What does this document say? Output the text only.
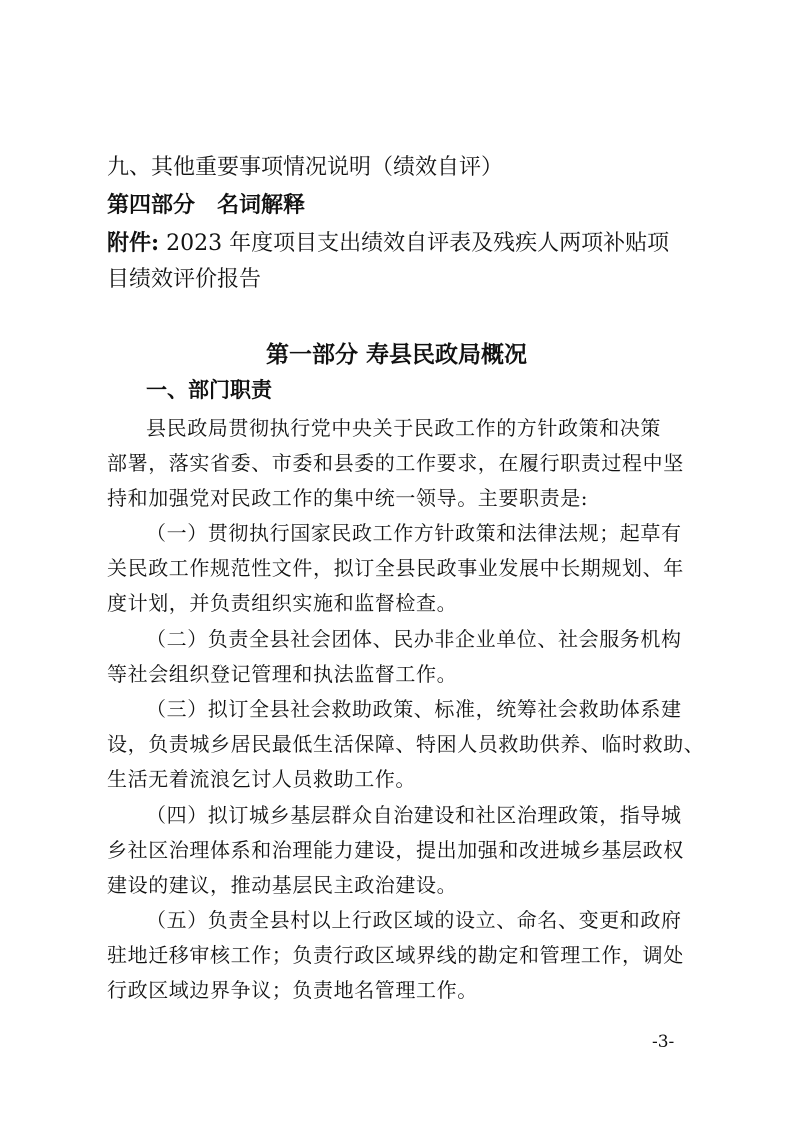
九、其他重要事项情况说明（绩效自评）
第四部分　名词解释
附件: 2023 年度项目支出绩效自评表及残疾人两项补贴项
目绩效评价报告
第一部分 寿县民政局概况
一、部门职责
县民政局贯彻执行党中央关于民政工作的方针政策和决策
部署，落实省委、市委和县委的工作要求，在履行职责过程中坚
持和加强党对民政工作的集中统一领导。主要职责是:
（一）贯彻执行国家民政工作方针政策和法律法规；起草有
关民政工作规范性文件，拟订全县民政事业发展中长期规划、年
度计划，并负责组织实施和监督检查。
（二）负责全县社会团体、民办非企业单位、社会服务机构
等社会组织登记管理和执法监督工作。
（三）拟订全县社会救助政策、标准，统筹社会救助体系建
设，负责城乡居民最低生活保障、特困人员救助供养、临时救助、
生活无着流浪乞讨人员救助工作。
（四）拟订城乡基层群众自治建设和社区治理政策，指导城
乡社区治理体系和治理能力建设，提出加强和改进城乡基层政权
建设的建议，推动基层民主政治建设。
（五）负责全县村以上行政区域的设立、命名、变更和政府
驻地迁移审核工作；负责行政区域界线的勘定和管理工作，调处
行政区域边界争议；负责地名管理工作。
-3-
